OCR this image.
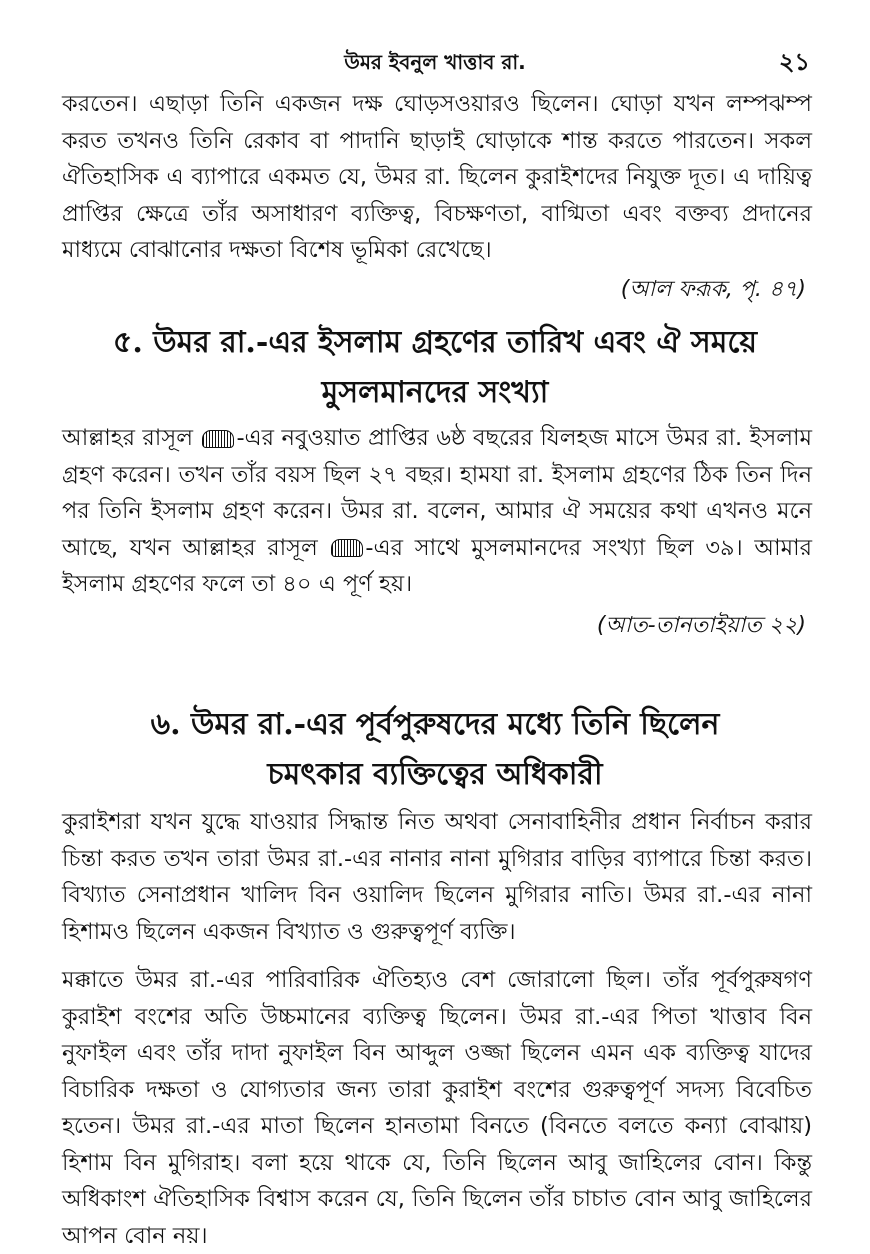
উমর ইবনুল খাত্তাব রা.	২১

করতেন। এছাড়া তিনি একজন দক্ষ ঘোড়সওয়ারও ছিলেন। ঘোড়া যখন লম্পঝম্প করত তখনও তিনি রেকাব বা পাদানি ছাড়াই ঘোড়াকে শান্ত করতে পারতেন। সকল ঐতিহাসিক এ ব্যাপারে একমত যে, উমর রা. ছিলেন কুরাইশদের নিযুক্ত দূত। এ দায়িত্ব প্রাপ্তির ক্ষেত্রে তাঁর অসাধারণ ব্যক্তিত্ব, বিচক্ষণতা, বাগ্মিতা এবং বক্তব্য প্রদানের মাধ্যমে বোঝানোর দক্ষতা বিশেষ ভূমিকা রেখেছে।

(আল ফরূক, পৃ. ৪৭)
৫. উমর রা.-এর ইসলাম গ্রহণের তারিখ এবং ঐ সময়ে
মুসলমানদের সংখ্যা

আল্লাহর রাসূল -এর নবুওয়াত প্রাপ্তির ৬ষ্ঠ বছরের যিলহজ মাসে উমর রা. ইসলাম গ্রহণ করেন। তখন তাঁর বয়স ছিল ২৭ বছর। হামযা রা. ইসলাম গ্রহণের ঠিক তিন দিন পর তিনি ইসলাম গ্রহণ করেন। উমর রা. বলেন, আমার ঐ সময়ের কথা এখনও মনে আছে, যখন আল্লাহর রাসূল -এর সাথে মুসলমানদের সংখ্যা ছিল ৩৯। আমার ইসলাম গ্রহণের ফলে তা ৪০ এ পূর্ণ হয়।

(আত-তানতাইয়াত ২২)
৬. উমর রা.-এর পূর্বপুরুষদের মধ্যে তিনি ছিলেন
চমৎকার ব্যক্তিত্বের অধিকারী

কুরাইশরা যখন যুদ্ধে যাওয়ার সিদ্ধান্ত নিত অথবা সেনাবাহিনীর প্রধান নির্বাচন করার চিন্তা করত তখন তারা উমর রা.-এর নানার নানা মুগিরার বাড়ির ব্যাপারে চিন্তা করত। বিখ্যাত সেনাপ্রধান খালিদ বিন ওয়ালিদ ছিলেন মুগিরার নাতি। উমর রা.-এর নানা হিশামও ছিলেন একজন বিখ্যাত ও গুরুত্বপূর্ণ ব্যক্তি।

মক্কাতে উমর রা.-এর পারিবারিক ঐতিহ্যও বেশ জোরালো ছিল। তাঁর পূর্বপুরুষগণ কুরাইশ বংশের অতি উচ্চমানের ব্যক্তিত্ব ছিলেন। উমর রা.-এর পিতা খাত্তাব বিন নুফাইল এবং তাঁর দাদা নুফাইল বিন আব্দুল ওজ্জা ছিলেন এমন এক ব্যক্তিত্ব যাদের বিচারিক দক্ষতা ও যোগ্যতার জন্য তারা কুরাইশ বংশের গুরুত্বপূর্ণ সদস্য বিবেচিত হতেন। উমর রা.-এর মাতা ছিলেন হানতামা বিনতে (বিনতে বলতে কন্যা বোঝায়) হিশাম বিন মুগিরাহ। বলা হয়ে থাকে যে, তিনি ছিলেন আবু জাহিলের বোন। কিন্তু অধিকাংশ ঐতিহাসিক বিশ্বাস করেন যে, তিনি ছিলেন তাঁর চাচাত বোন আবু জাহিলের আপন বোন নয়।
